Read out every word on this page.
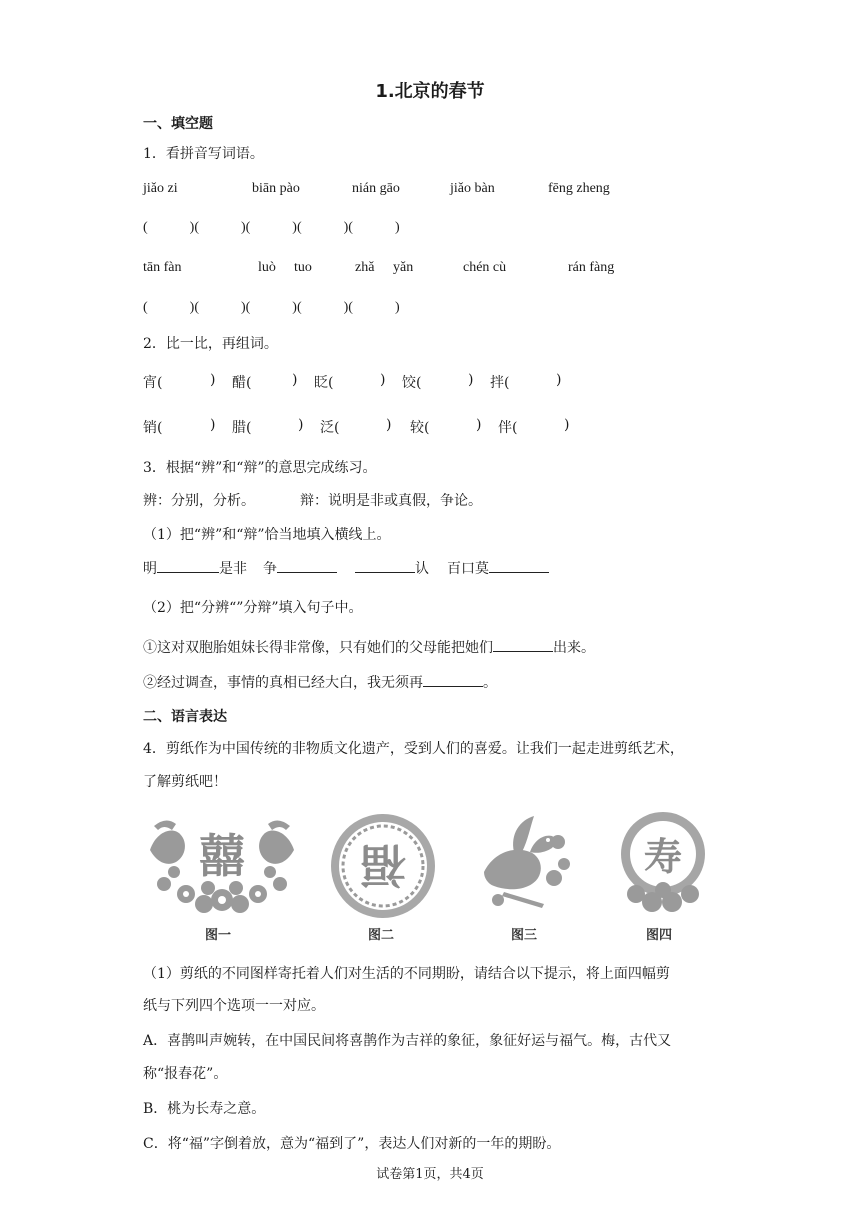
1.北京的春节
一、填空题
1．看拼音写词语。
jiǎo zi	biān pào	nián gāo	jiǎo bàn	fēng zheng
(            )(            )(            )(            )(            )
tān fàn	luò tuo	zhǎ yǎn	chén cù	rán fàng
(            )(            )(            )(            )(            )
2．比一比，再组词。
宵(	) 醋(	) 眨(	) 饺(	) 拌(	)
销(	) 腊(	) 泛(	) 较(	) 伴(	)
3．根据“辨”和“辩”的意思完成练习。
辨：分别，分析。	辩：说明是非或真假，争论。
（1）把“辨”和“辩”恰当地填入横线上。
明	是非 争	认 百口莫
（2）把“分辨“”分辩”填入句子中。
①这对双胞胎姐妹长得非常像，只有她们的父母能把她们	出来。
②经过调查，事情的真相已经大白，我无须再	。
二、语言表达
4．剪纸作为中国传统的非物质文化遗产，受到人们的喜爱。让我们一起走进剪纸艺术，
了解剪纸吧！
囍
图一
福
图二	图三
寿
图四
（1）剪纸的不同图样寄托着人们对生活的不同期盼，请结合以下提示，将上面四幅剪
纸与下列四个选项一一对应。
A．喜鹊叫声婉转，在中国民间将喜鹊作为吉祥的象征，象征好运与福气。梅，古代又
称“报春花”。
B．桃为长寿之意。
C．将“福”字倒着放，意为“福到了”，表达人们对新的一年的期盼。
试卷第1页，共4页
